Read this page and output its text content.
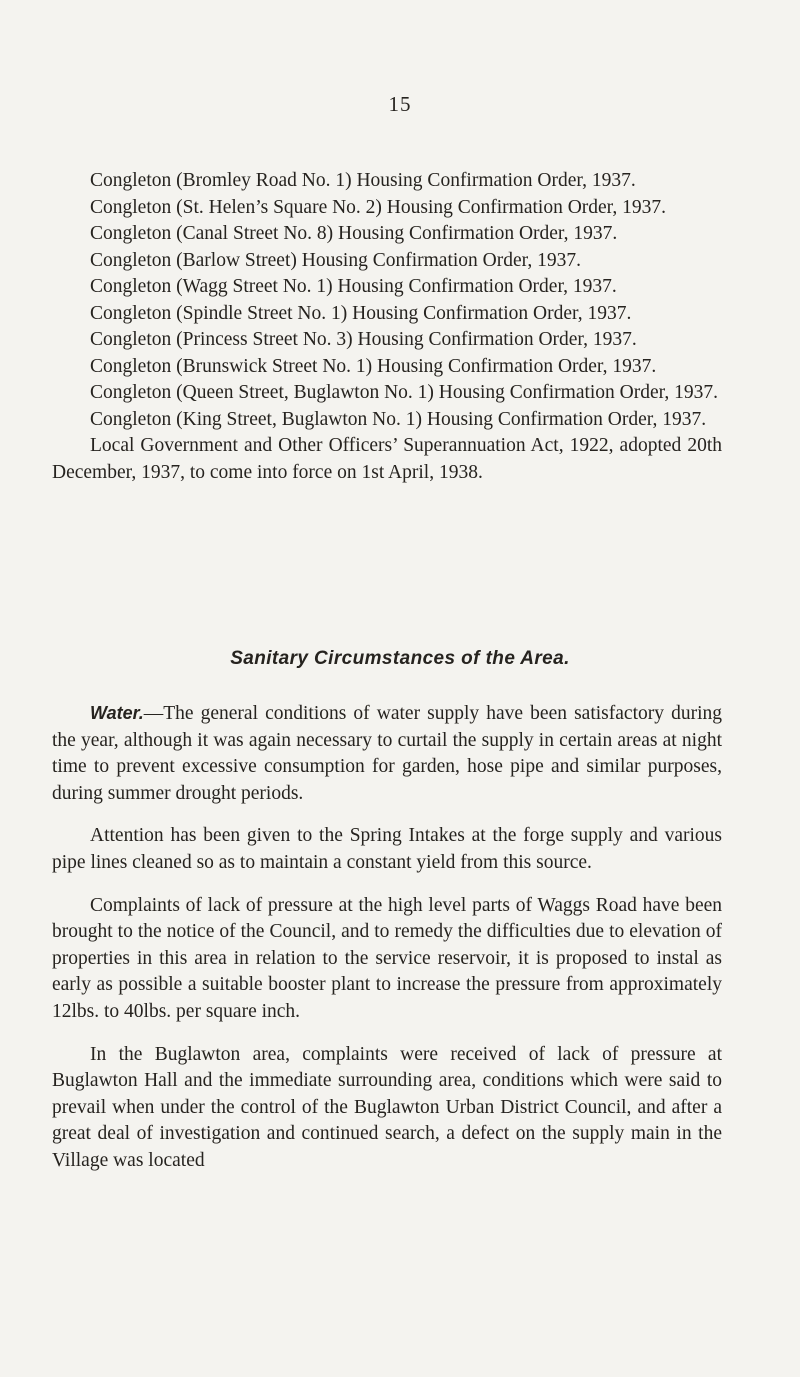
15

Congleton (Bromley Road No. 1) Housing Confirmation Order, 1937.

Congleton (St. Helen’s Square No. 2) Housing Confirmation Order, 1937.

Congleton (Canal Street No. 8) Housing Confirmation Order, 1937.

Congleton (Barlow Street) Housing Confirmation Order, 1937.

Congleton (Wagg Street No. 1) Housing Confirmation Order, 1937.

Congleton (Spindle Street No. 1) Housing Confirmation Order, 1937.

Congleton (Princess Street No. 3) Housing Confirmation Order, 1937.

Congleton (Brunswick Street No. 1) Housing Confirmation Order, 1937.

Congleton (Queen Street, Buglawton No. 1) Housing Confirmation Order, 1937.

Congleton (King Street, Buglawton No. 1) Housing Confirmation Order, 1937.

Local Government and Other Officers’ Superannuation Act, 1922, adopted 20th December, 1937, to come into force on 1st April, 1938.

Sanitary Circumstances of the Area.

Water.—The general conditions of water supply have been satisfactory during the year, although it was again necessary to curtail the supply in certain areas at night time to prevent excessive consumption for garden, hose pipe and similar purposes, during summer drought periods.

Attention has been given to the Spring Intakes at the forge supply and various pipe lines cleaned so as to maintain a constant yield from this source.

Complaints of lack of pressure at the high level parts of Waggs Road have been brought to the notice of the Council, and to remedy the difficulties due to elevation of properties in this area in relation to the service reservoir, it is proposed to instal as early as possible a suitable booster plant to increase the pressure from approximately 12lbs. to 40lbs. per square inch.

In the Buglawton area, complaints were received of lack of pressure at Buglawton Hall and the immediate surrounding area, conditions which were said to prevail when under the control of the Buglawton Urban District Council, and after a great deal of investigation and continued search, a defect on the supply main in the Village was located
